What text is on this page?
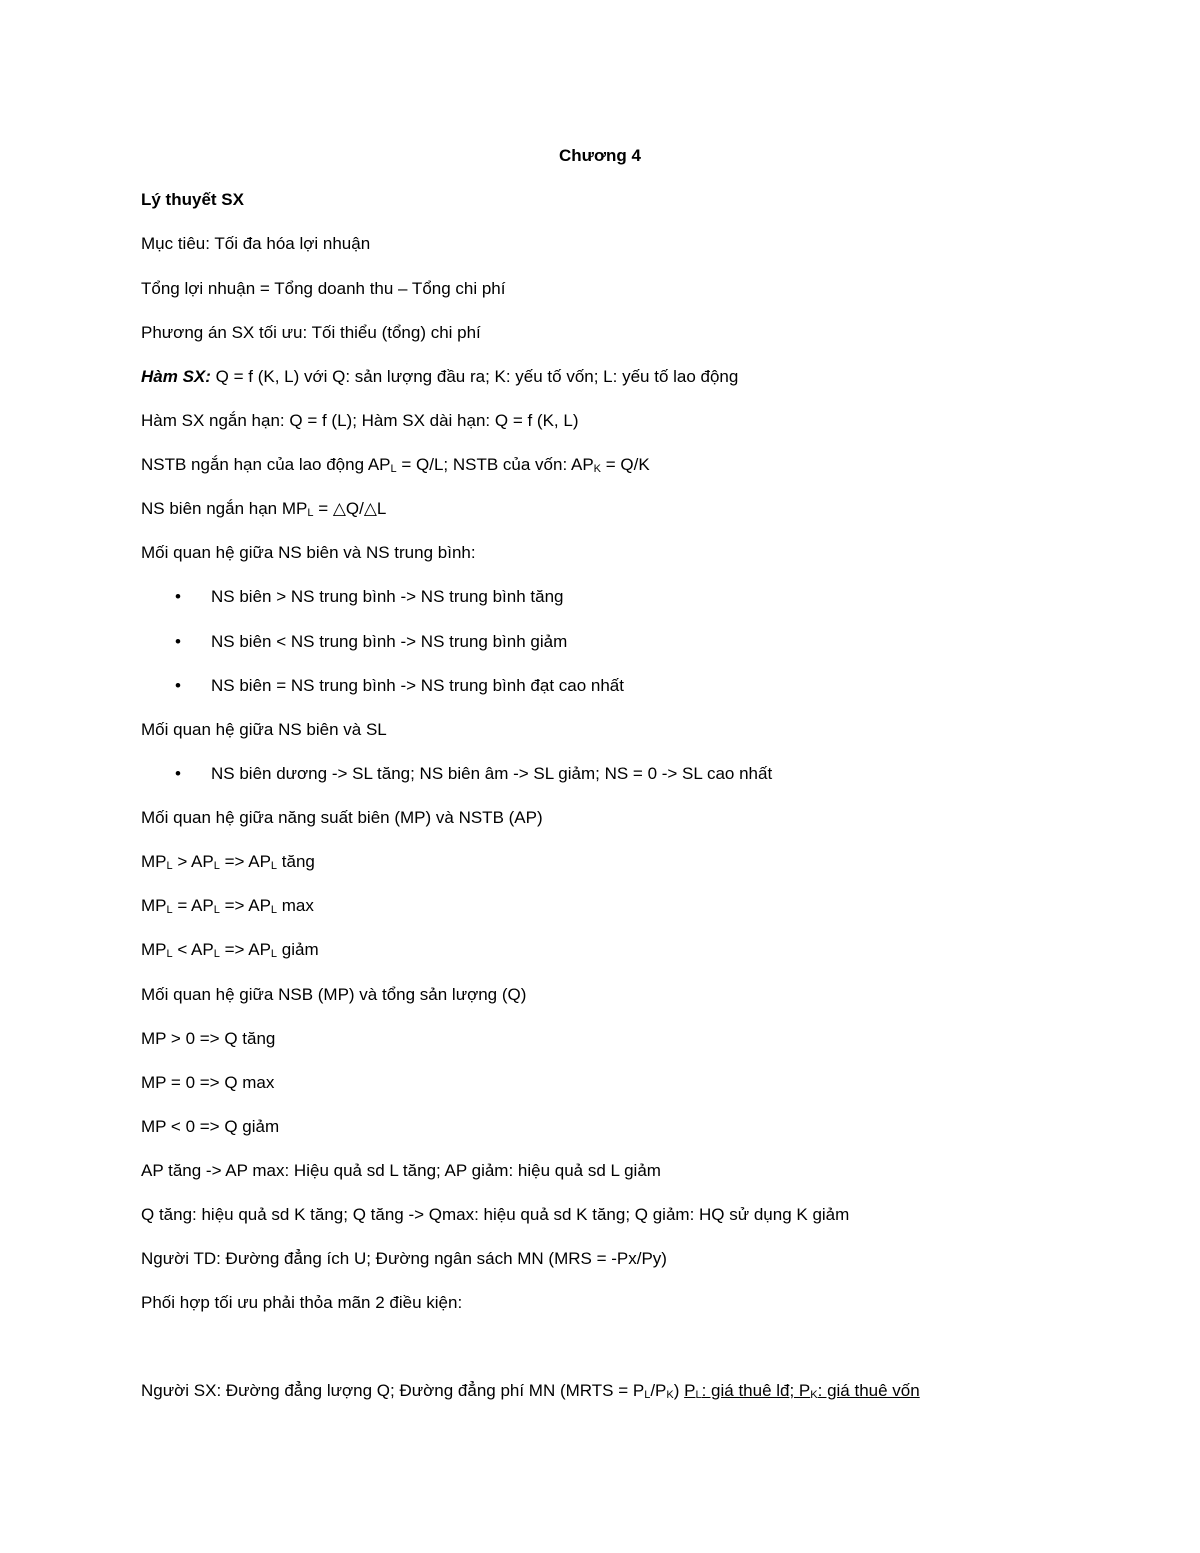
Chương 4
Lý thuyết SX
Mục tiêu: Tối đa hóa lợi nhuận
Tổng lợi nhuận = Tổng doanh thu – Tổng chi phí
Phương án SX tối ưu: Tối thiểu (tổng) chi phí
Hàm SX: Q = f (K, L) với Q: sản lượng đầu ra; K: yếu tố vốn; L: yếu tố lao động
Hàm SX ngắn hạn: Q = f (L); Hàm SX dài hạn: Q = f (K, L)
NSTB ngắn hạn của lao động $AP_L = Q/L$; NSTB của vốn: $AP_K = Q/K$
NS biên ngắn hạn $MP_L$ = △Q/△L
Mối quan hệ giữa NS biên và NS trung bình:
• NS biên > NS trung bình -> NS trung bình tăng
• NS biên < NS trung bình -> NS trung bình giảm
• NS biên = NS trung bình -> NS trung bình đạt cao nhất
Mối quan hệ giữa NS biên và SL
• NS biên dương -> SL tăng; NS biên âm -> SL giảm; NS = 0 -> SL cao nhất
Mối quan hệ giữa năng suất biên (MP) và NSTB (AP)
$MP_L > AP_L => AP_L$ tăng
$MP_L = AP_L => AP_L$ max
$MP_L < AP_L => AP_L$ giảm
Mối quan hệ giữa NSB (MP) và tổng sản lượng (Q)
MP > 0 => Q tăng
MP = 0 => Q max
MP < 0 => Q giảm
AP tăng -> AP max: Hiệu quả sd L tăng; AP giảm: hiệu quả sd L giảm
Q tăng: hiệu quả sd K tăng; Q tăng -> Qmax: hiệu quả sd K tăng; Q giảm: HQ sử dụng K giảm
Người TD: Đường đẳng ích U; Đường ngân sách MN (MRS = -Px/Py)
Phối hợp tối ưu phải thỏa mãn 2 điều kiện:
Người SX: Đường đẳng lượng Q; Đường đẳng phí MN (MRTS = $P_L/P_K$) $P_L$: giá thuê lđ; $P_K$: giá thuê vốn
